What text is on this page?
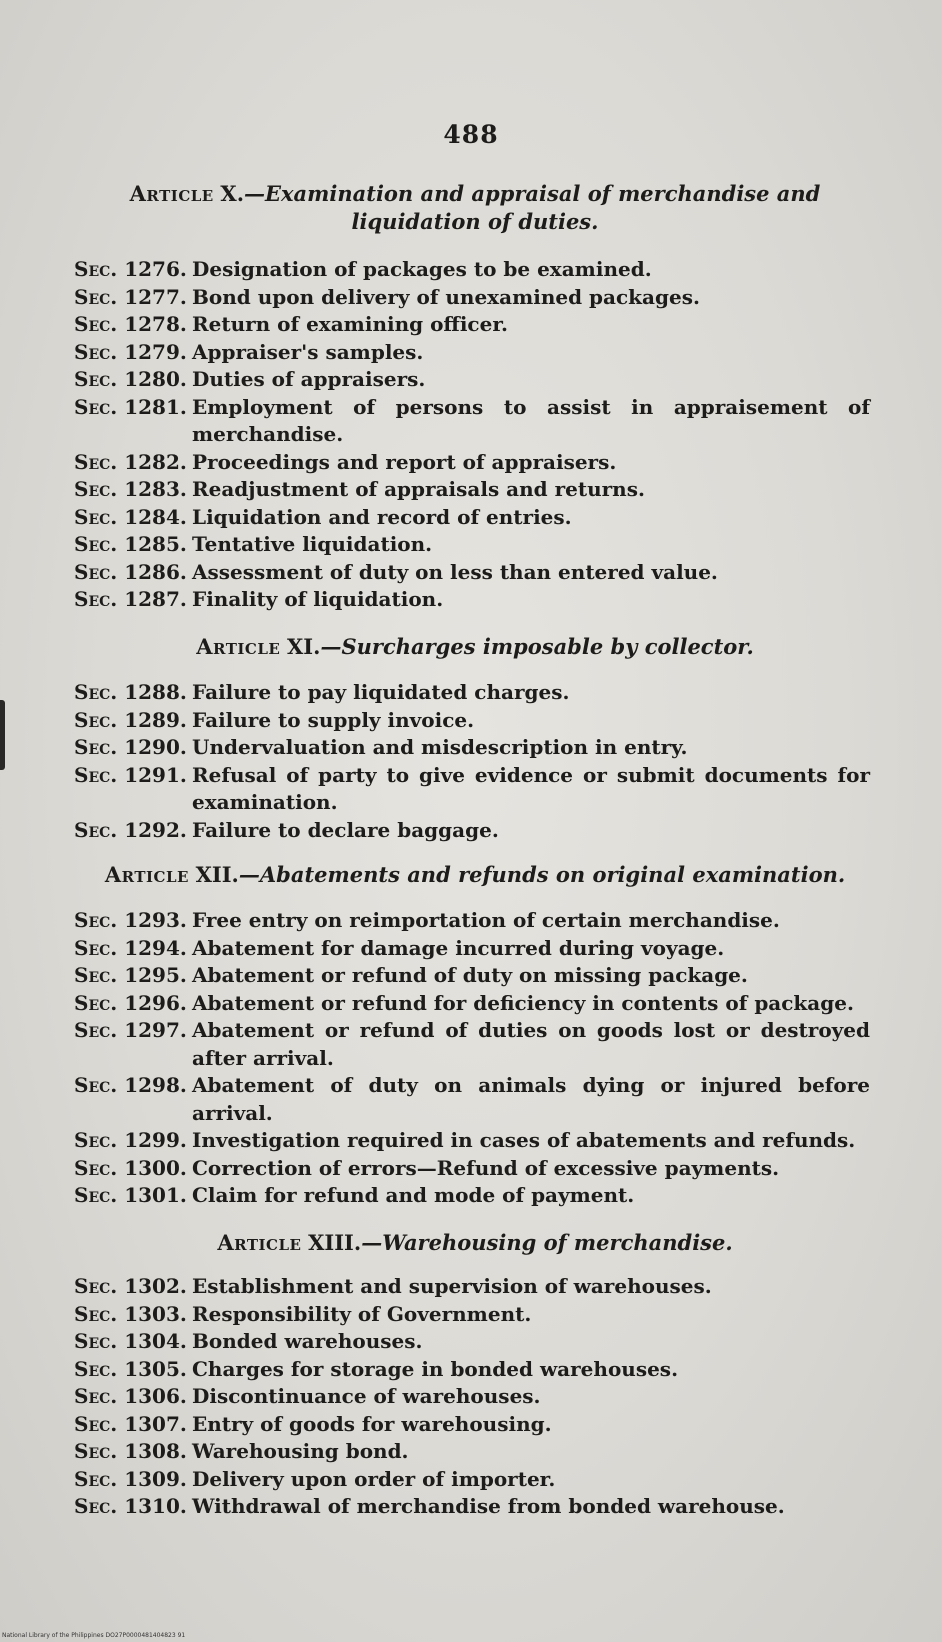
488
Article X.—Examination and appraisal of merchandise and liquidation of duties.
Sec. 1276. Designation of packages to be examined.
Sec. 1277. Bond upon delivery of unexamined packages.
Sec. 1278. Return of examining officer.
Sec. 1279. Appraiser's samples.
Sec. 1280. Duties of appraisers.
Sec. 1281. Employment of persons to assist in appraisement of merchandise.
Sec. 1282. Proceedings and report of appraisers.
Sec. 1283. Readjustment of appraisals and returns.
Sec. 1284. Liquidation and record of entries.
Sec. 1285. Tentative liquidation.
Sec. 1286. Assessment of duty on less than entered value.
Sec. 1287. Finality of liquidation.
Article XI.—Surcharges imposable by collector.
Sec. 1288. Failure to pay liquidated charges.
Sec. 1289. Failure to supply invoice.
Sec. 1290. Undervaluation and misdescription in entry.
Sec. 1291. Refusal of party to give evidence or submit documents for examination.
Sec. 1292. Failure to declare baggage.
Article XII.—Abatements and refunds on original examination.
Sec. 1293. Free entry on reimportation of certain merchandise.
Sec. 1294. Abatement for damage incurred during voyage.
Sec. 1295. Abatement or refund of duty on missing package.
Sec. 1296. Abatement or refund for deficiency in contents of package.
Sec. 1297. Abatement or refund of duties on goods lost or destroyed after arrival.
Sec. 1298. Abatement of duty on animals dying or injured before arrival.
Sec. 1299. Investigation required in cases of abatements and refunds.
Sec. 1300. Correction of errors—Refund of excessive payments.
Sec. 1301. Claim for refund and mode of payment.
Article XIII.—Warehousing of merchandise.
Sec. 1302. Establishment and supervision of warehouses.
Sec. 1303. Responsibility of Government.
Sec. 1304. Bonded warehouses.
Sec. 1305. Charges for storage in bonded warehouses.
Sec. 1306. Discontinuance of warehouses.
Sec. 1307. Entry of goods for warehousing.
Sec. 1308. Warehousing bond.
Sec. 1309. Delivery upon order of importer.
Sec. 1310. Withdrawal of merchandise from bonded warehouse.
National Library of the Philippines DO27P0000481404823 91
